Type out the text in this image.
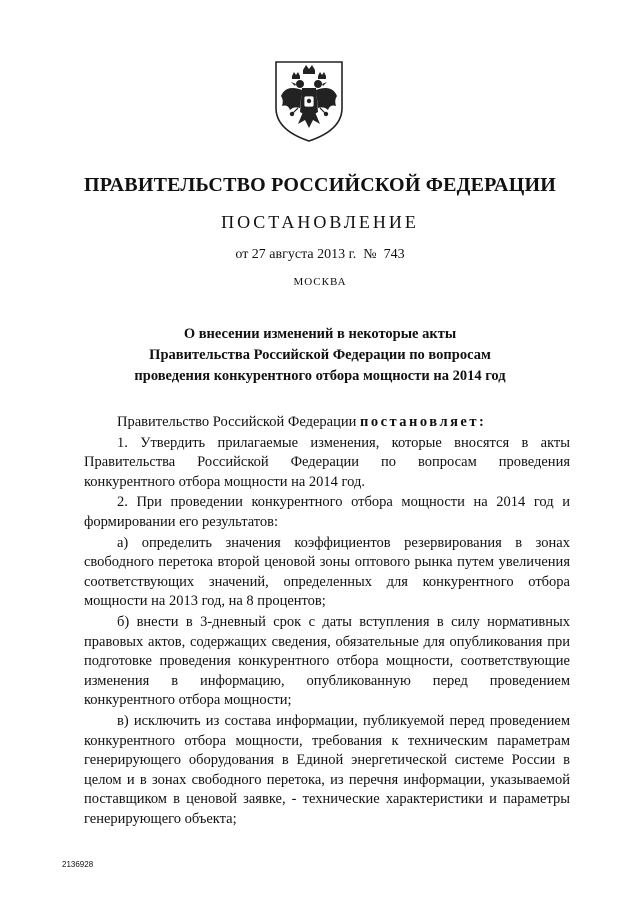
ПРАВИТЕЛЬСТВО РОССИЙСКОЙ ФЕДЕРАЦИИ
ПОСТАНОВЛЕНИЕ
от 27 августа 2013 г.  №  743
МОСКВА
О внесении изменений в некоторые акты
Правительства Российской Федерации по вопросам
проведения конкурентного отбора мощности на 2014 год

Правительство Российской Федерации постановляет:

1. Утвердить прилагаемые изменения, которые вносятся в акты Правительства Российской Федерации по вопросам проведения конкурентного отбора мощности на 2014 год.

2. При проведении конкурентного отбора мощности на 2014 год и формировании его результатов:

а) определить значения коэффициентов резервирования в зонах свободного перетока второй ценовой зоны оптового рынка путем увеличения соответствующих значений, определенных для конкурентного отбора мощности на 2013 год, на 8 процентов;

б) внести в 3-дневный срок с даты вступления в силу нормативных правовых актов, содержащих сведения, обязательные для опубликования при подготовке проведения конкурентного отбора мощности, соответствующие изменения в информацию, опубликованную перед проведением конкурентного отбора мощности;

в) исключить из состава информации, публикуемой перед проведением конкурентного отбора мощности, требования к техническим параметрам генерирующего оборудования в Единой энергетической системе России в целом и в зонах свободного перетока, из перечня информации, указываемой поставщиком в ценовой заявке, - технические характеристики и параметры генерирующего объекта;

2136928
